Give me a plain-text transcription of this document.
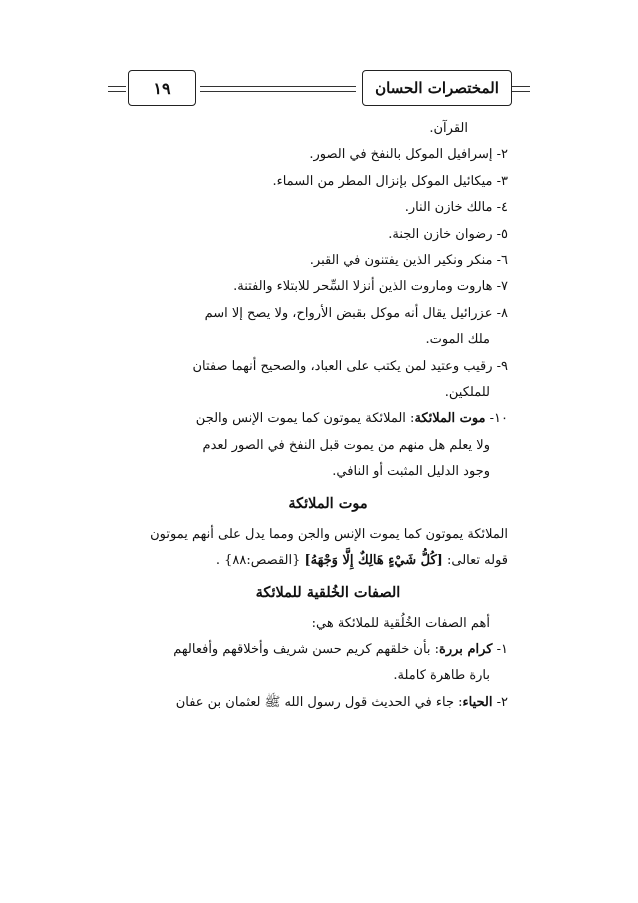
المختصرات الحسان
١٩
القرآن.
٢- إسرافيل الموكل بالنفخ في الصور.
٣- ميكائيل الموكل بإنزال المطر من السماء.
٤- مالك خازن النار.
٥- رضوان خازن الجنة.
٦- منكر ونكير الذين يفتنون في القبر.
٧- هاروت وماروت الذين أنزلا السِّحر للابتلاء والفتنة.
٨- عزرائيل يقال أنه موكل بقبض الأرواح، ولا يصح إلا اسم
ملك الموت.
٩- رقيب وعتيد لمن يكتب على العباد، والصحيح أنهما صفتان
للملكين.
١٠- موت الملائكة: الملائكة يموتون كما يموت الإنس والجن
ولا يعلم هل منهم من يموت قبل النفخ في الصور لعدم
وجود الدليل المثبت أو النافي.
موت الملائكة
الملائكة يموتون كما يموت الإنس والجن ومما يدل على أنهم يموتون
قوله تعالى: [كُلُّ شَيْءٍ هَالِكٌ إِلَّا وَجْهَهُ] {القصص:٨٨} .
الصفات الخُلقية للملائكة
أهم الصفات الخُلُقية للملائكة هي:
١- كرام بررة: بأن خلقهم كريم حسن شريف وأخلاقهم وأفعالهم
بارة طاهرة كاملة.
٢- الحياء: جاء في الحديث قول رسول الله ﷺ لعثمان بن عفان
